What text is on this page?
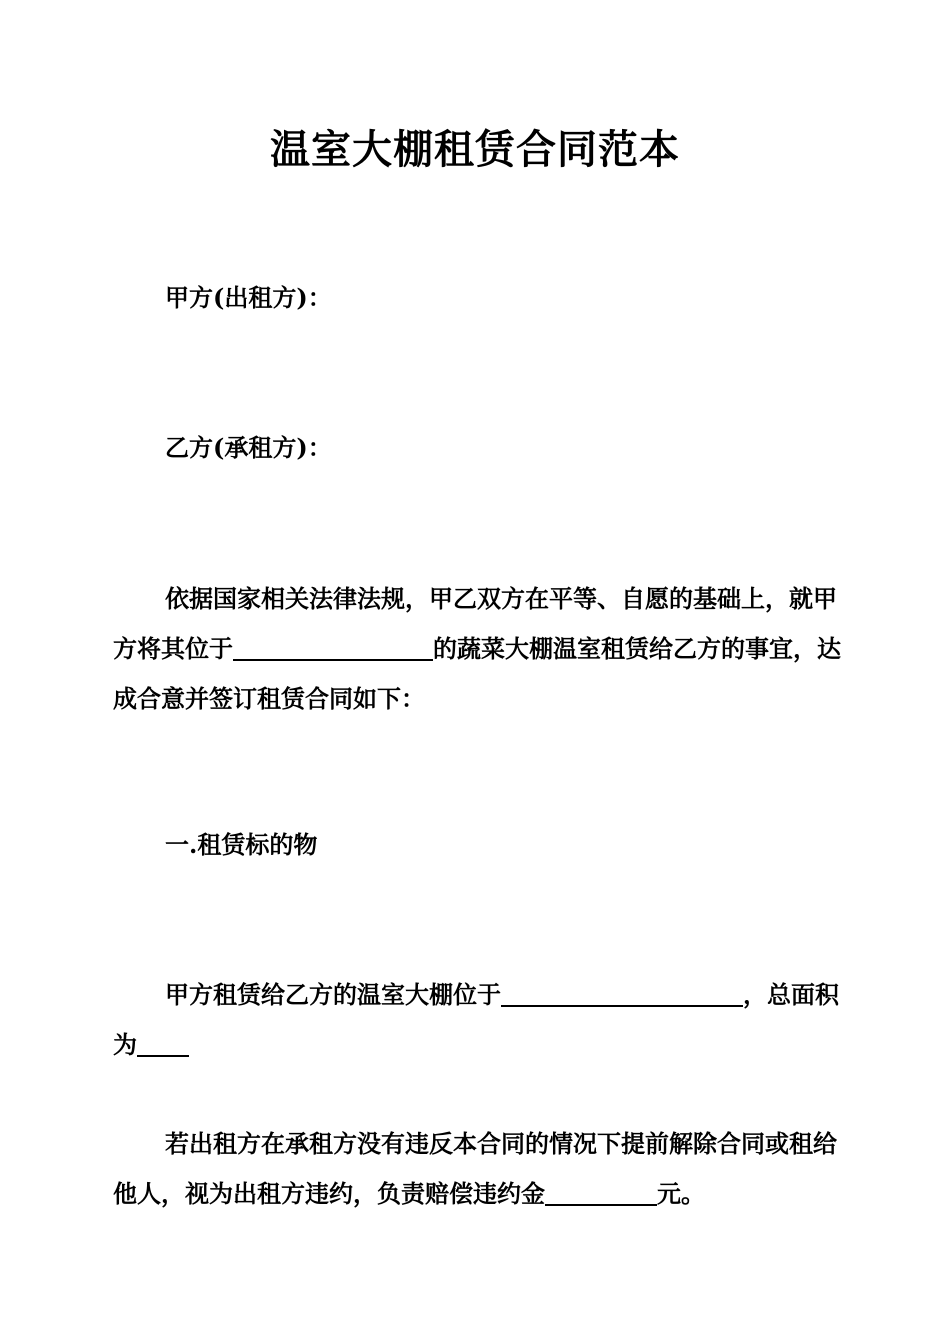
温室大棚租赁合同范本
甲方(出租方)：
乙方(承租方)：
依据国家相关法律法规，甲乙双方在平等、自愿的基础上，就甲方将其位于	的蔬菜大棚温室租赁给乙方的事宜，达成合意并签订租赁合同如下：
一.租赁标的物
甲方租赁给乙方的温室大棚位于	，总面积为
若出租方在承租方没有违反本合同的情况下提前解除合同或租给他人，视为出租方违约，负责赔偿违约金	元。
